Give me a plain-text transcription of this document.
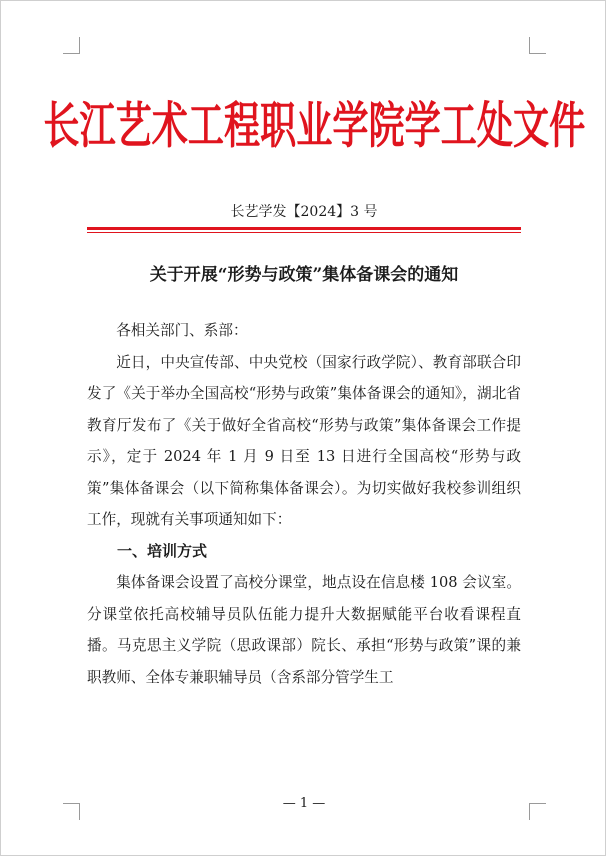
长江艺术工程职业学院学工处文件
长艺学发【2024】3 号
关于开展“形势与政策”集体备课会的通知

各相关部门、系部：

近日，中央宣传部、中央党校（国家行政学院）、教育部联合印发了《关于举办全国高校“形势与政策”集体备课会的通知》，湖北省教育厅发布了《关于做好全省高校“形势与政策”集体备课会工作提示》，定于 2024 年 1 月 9 日至 13 日进行全国高校“形势与政策”集体备课会（以下简称集体备课会）。为切实做好我校参训组织工作，现就有关事项通知如下：

一、培训方式

集体备课会设置了高校分课堂，地点设在信息楼 108 会议室。分课堂依托高校辅导员队伍能力提升大数据赋能平台收看课程直播。马克思主义学院（思政课部）院长、承担“形势与政策”课的兼职教师、全体专兼职辅导员（含系部分管学生工

— 1 —
